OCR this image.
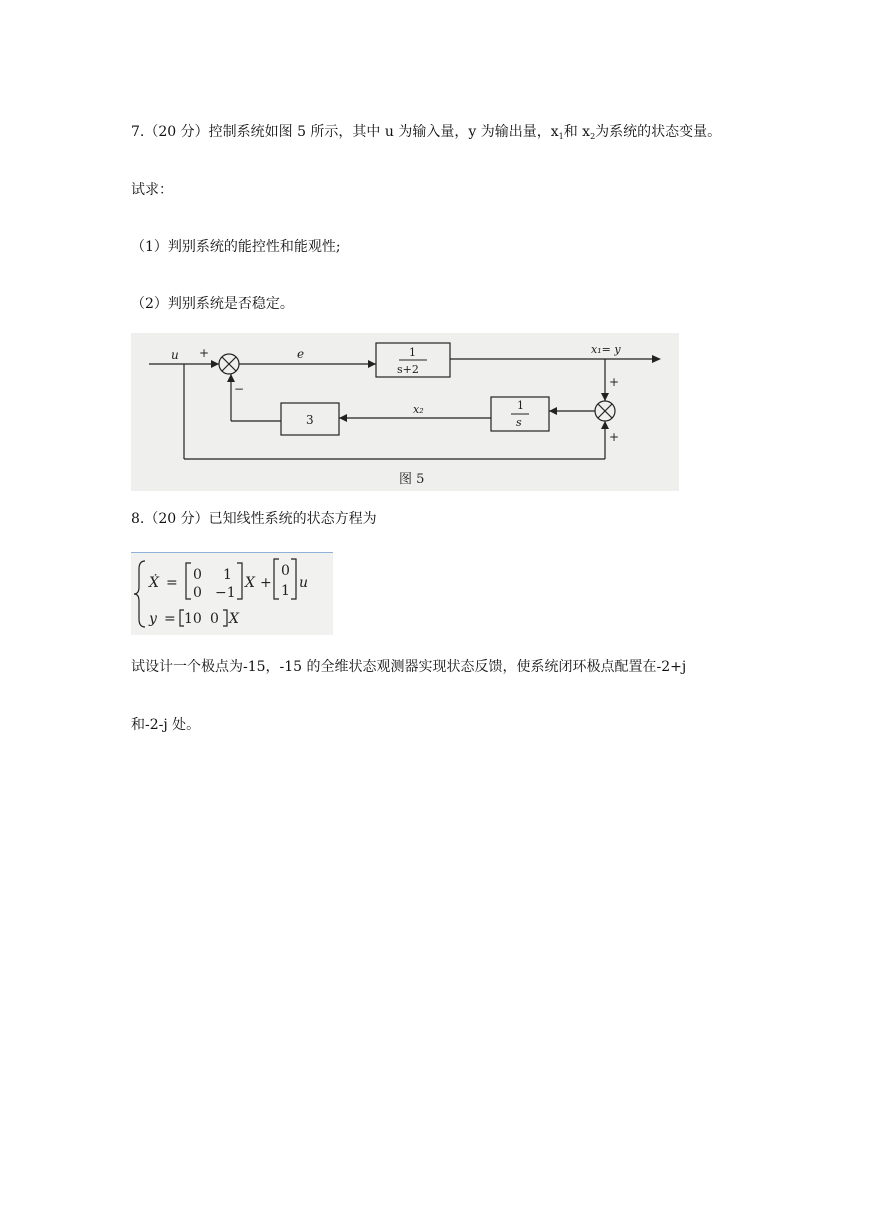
7.（20 分）控制系统如图 5 所示，其中 u 为输入量，y 为输出量，$x_1$和 $x_2$为系统的状态变量。
试求：
（1）判别系统的能控性和能观性;
（2）判别系统是否稳定。
u +
−
e	1
s+2
x₁= y
+
+
1
s
x₂
3
图 5
8.（20 分）已知线性系统的状态方程为
Ẋ = 0 1
0 −1
X +
0
1 u
y = 10 0 X
试设计一个极点为-15，-15 的全维状态观测器实现状态反馈，使系统闭环极点配置在-2+j
和-2-j 处。
